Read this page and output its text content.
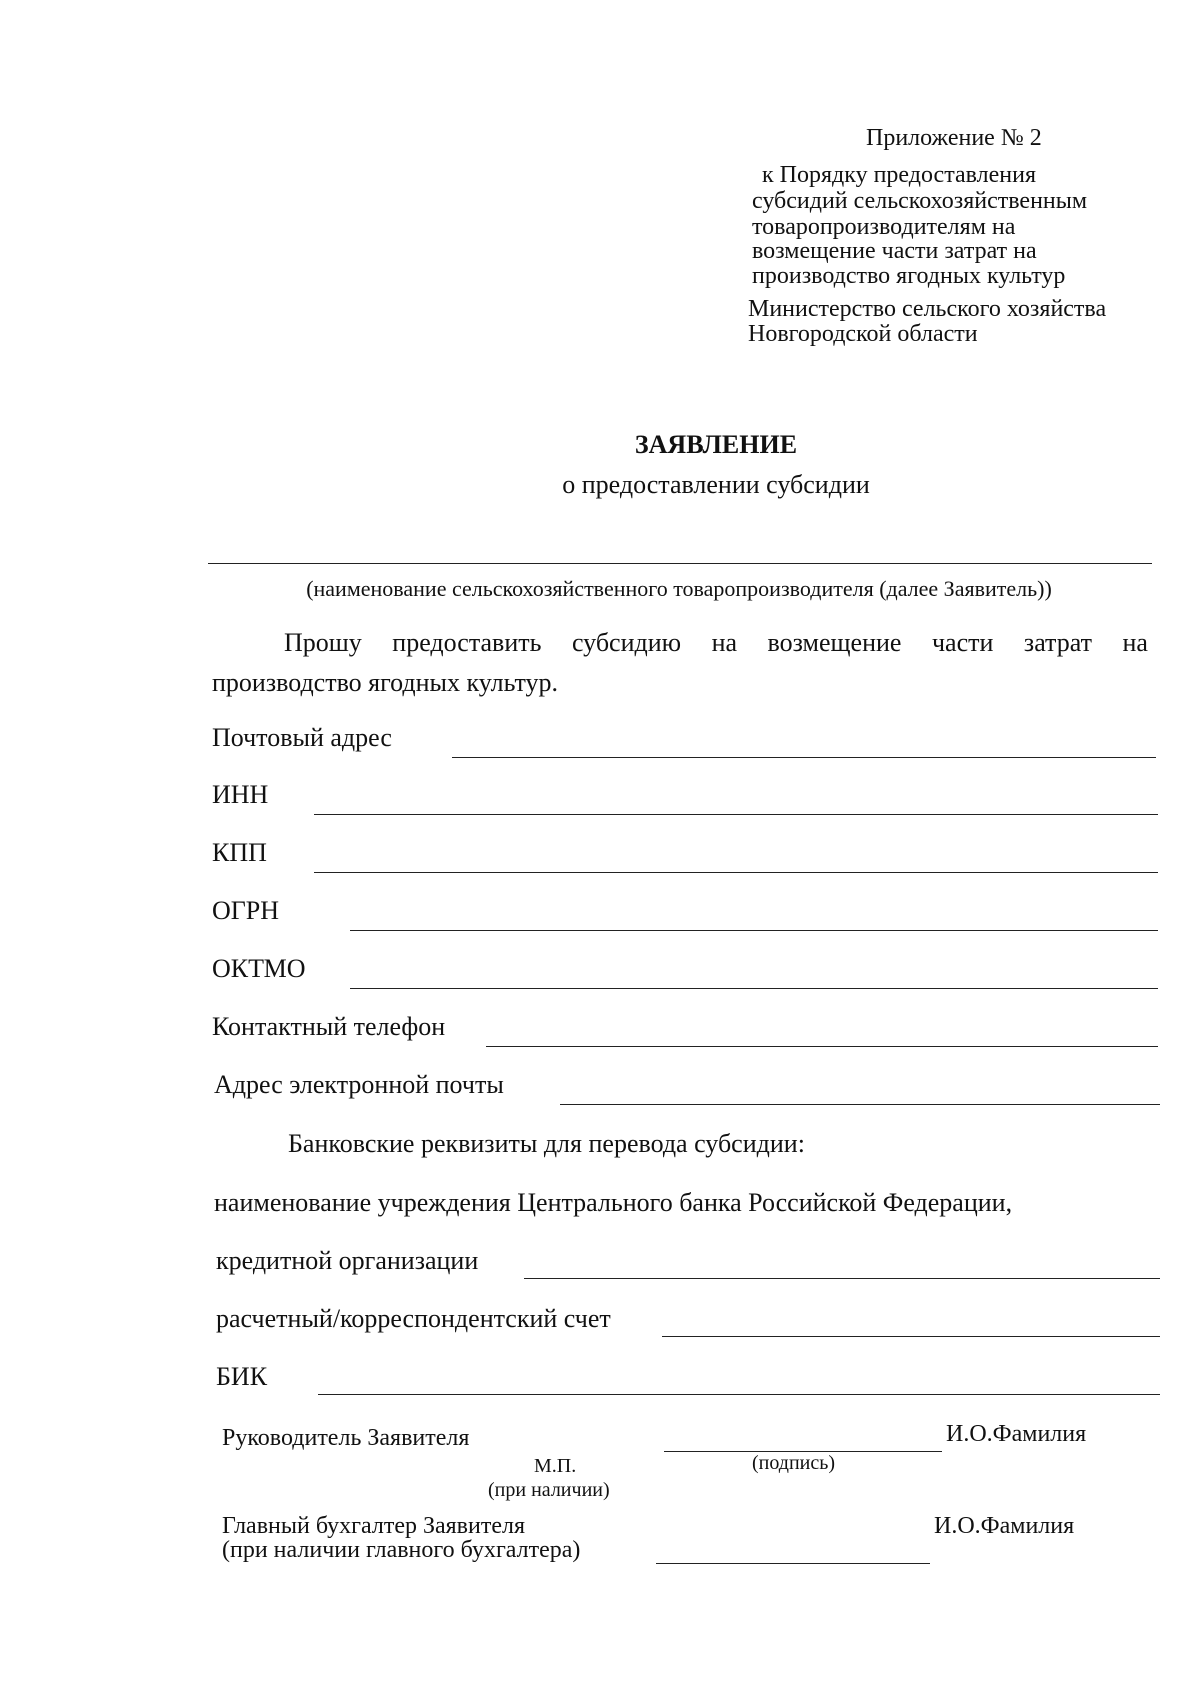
Приложение № 2
к Порядку предоставления
субсидий сельскохозяйственным
товаропроизводителям на
возмещение части затрат на
производство ягодных культур
Министерство сельского хозяйства
Новгородской области
ЗАЯВЛЕНИЕ
о предоставлении субсидии
(наименование сельскохозяйственного товаропроизводителя (далее Заявитель))
Прошу предоставить субсидию на возмещение части затрат на
производство ягодных культур.
Почтовый адрес
ИНН
КПП
ОГРН
ОКТМО
Контактный телефон
Адрес электронной почты
Банковские реквизиты для перевода субсидии:
наименование учреждения Центрального банка Российской Федерации,
кредитной организации
расчетный/корреспондентский счет
БИК
Руководитель Заявителя	И.О.Фамилия
М.П.	(подпись)
(при наличии)
Главный бухгалтер Заявителя
(при наличии главного бухгалтера)
И.О.Фамилия
